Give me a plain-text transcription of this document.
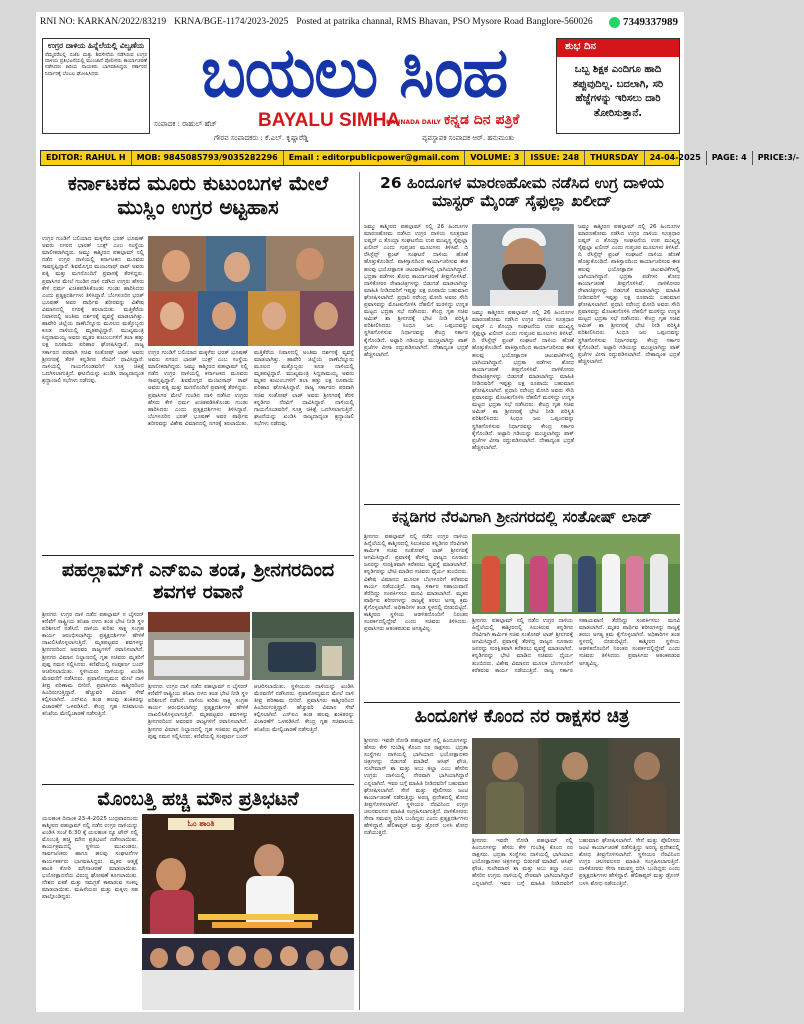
RNI NO: KARKAN/2022/83219 KRNA/BGE-1174/2023-2025 Posted at patrika channal, RMS Bhavan, PSO Mysore Road Banglore-560026	7349337989
ಉಗ್ರರ ದಾಳಿಯ ಹಿನ್ನೆಲೆಯಲ್ಲಿ ವಿಲ್ವಣೆಯ
ರೆಮ್ಮಪರೆಲಲ್ಲಿ ಬಿಜೆಪಿ ಮತ್ತು ಶಿವಸೇನೆಯ ನಡೆಸಿರುವ ಉಗ್ರರ ದಾಳಿಯ ಪ್ರತಿಭಟನೆಯಲ್ಲಿ ಮುಂಜಾನೆ ಪೊಲೀಸರು ಕಾರ್ಯಾಚರಣೆ ನಡೆಸಿದರು ಹಿರಿಯ ನಾಯಕರು ಭಾಗವಹಿಸಿದ್ದರು ಸರ್ಕಾರದ ನಿರ್ಧಾರಕ್ಕೆ ಬೆಂಬಲ ಘೋಷಿಸಿದರು	ಬಯಲು ಸಿಂಹ
BAYALU SIMHA
KANNADA DAILY ಕನ್ನಡ ದಿನ ಪತ್ರಿಕೆ
ಸಂಪಾದಕ : ರಾಹುಲ್ ಹೆಚ್
ಗೌರವ ಸಂಪಾದಕರು : ಕೆ.ಎಲ್. ಕೃಷ್ಣಾರೆಡ್ಡಿ	ವ್ಯವಸ್ಥಾಪಕ ಸಂಪಾದಕ ಆರ್. ಹನುಮಂತು
ಶುಭ ದಿನ
ಒಬ್ಬ ಶಿಕ್ಷಕ ಎಂದಿಗೂ ಹಾದಿ ತಪ್ಪುವುದಿಲ್ಲ. ಬದಲಾಗಿ, ಸರಿ ಹೆಜ್ಜೆಗಳನ್ನು ಇರಿಸಲು ದಾರಿ ತೋರಿಸುತ್ತಾನೆ.
EDITOR: RAHUL H	MOB: 9845085793/9035282296	Email : editorpublicpower@gmail.com	VOLUME: 3	ISSUE: 248	THURSDAY	24-04-2025	PAGE: 4	PRICE:3/-
ಕರ್ನಾಟಕದ ಮೂರು ಕುಟುಂಬಗಳ ಮೇಲೆ ಮುಸ್ಲಿಂ ಉಗ್ರರ ಅಟ್ಟಹಾಸ
ಉಗ್ರರ ಗುಂಡಿಗೆ ಬಲಿಯಾದ ಮಕ್ಕಳೆರು ಭರತ್ ಭೂಷಣ್ ಅವರು ನಗರದ ಭಾರತ್ ಬುಕ್ಸ್ ಎಂಬ ಸಂಸ್ಥೆಯ ಮಾಲೀಕರಾಗಿದ್ದರು. ಜಮ್ಮು ಕಾಶ್ಮೀರದ ಪಹಲ್ಗಾಮ್ ನಲ್ಲಿ ನಡೆದ ಉಗ್ರರ ದಾಳಿಯಲ್ಲಿ ಕರ್ನಾಟಕದ ಮೂವರು ಸಾವನ್ನಪ್ಪಿದ್ದಾರೆ. ಶಿವಮೊಗ್ಗದ ಮಂಜುನಾಥ್ ರಾವ್ ಅವರು ಪತ್ನಿ ಮತ್ತು ಮಗನೊಂದಿಗೆ ಪ್ರವಾಸಕ್ಕೆ ತೆರಳಿದ್ದರು. ಪ್ರವಾಸಿಗರ ಮೇಲೆ ಗುಂಡಿನ ದಾಳಿ ನಡೆಸಿದ ಉಗ್ರರು ಹೆಸರು ಕೇಳಿ ಧರ್ಮ ಖಚಿತಪಡಿಸಿಕೊಂಡು ಗುಂಡು ಹಾರಿಸಿದರು ಎಂದು ಪ್ರತ್ಯಕ್ಷದರ್ಶಿಗಳು ತಿಳಿಸಿದ್ದಾರೆ. ಬೆಂಗಳೂರಿನ ಭರತ್ ಭೂಷಣ್ ಅವರ ಪಾರ್ಥಿವ ಶರೀರವನ್ನು ವಿಶೇಷ ವಿಮಾನದಲ್ಲಿ ನಗರಕ್ಕೆ ತರಲಾಯಿತು. ಮತ್ತಿಕೆರೆಯ ನಿವಾಸದಲ್ಲಿ ಅಂತಿಮ ದರ್ಶನಕ್ಕೆ ವ್ಯವಸ್ಥೆ ಮಾಡಲಾಗಿತ್ತು. ಹಾವೇರಿ ಜಿಲ್ಲೆಯ ರಾಣೆಬೆನ್ನೂರು ಮೂಲದ ಮತ್ತೊಬ್ಬರು ಕೂಡ ದಾಳಿಯಲ್ಲಿ ಮೃತಪಟ್ಟಿದ್ದಾರೆ. ಮುಖ್ಯಮಂತ್ರಿ ಸಿದ್ದರಾಮಯ್ಯ ಅವರು ಮೃತರ ಕುಟುಂಬಗಳಿಗೆ ತಲಾ ಹತ್ತು ಲಕ್ಷ ರೂಪಾಯಿ ಪರಿಹಾರ ಘೋಷಿಸಿದ್ದಾರೆ. ರಾಜ್ಯ ಸರ್ಕಾರದ ಪರವಾಗಿ ಸಚಿವ ಸಂತೋಷ್ ಲಾಡ್ ಅವರು ಶ್ರೀನಗರಕ್ಕೆ ತೆರಳಿ ಕನ್ನಡಿಗರ ನೆರವಿಗೆ ಧಾವಿಸಿದ್ದಾರೆ. ದಾಳಿಯಲ್ಲಿ ಗಾಯಗೊಂಡವರಿಗೆ ಸೂಕ್ತ ಚಿಕಿತ್ಸೆ ಒದಗಿಸಲಾಗುತ್ತಿದೆ. ಘಟನೆಯನ್ನು ಖಂಡಿಸಿ ರಾಜ್ಯದಾದ್ಯಂತ ಶ್ರದ್ಧಾಂಜಲಿ ಸಭೆಗಳು ನಡೆದವು.
ಉಗ್ರರ ಗುಂಡಿಗೆ ಬಲಿಯಾದ ಮಕ್ಕಳೆರು ಭರತ್ ಭೂಷಣ್ ಅವರು ನಗರದ ಭಾರತ್ ಬುಕ್ಸ್ ಎಂಬ ಸಂಸ್ಥೆಯ ಮಾಲೀಕರಾಗಿದ್ದರು. ಜಮ್ಮು ಕಾಶ್ಮೀರದ ಪಹಲ್ಗಾಮ್ ನಲ್ಲಿ ನಡೆದ ಉಗ್ರರ ದಾಳಿಯಲ್ಲಿ ಕರ್ನಾಟಕದ ಮೂವರು ಸಾವನ್ನಪ್ಪಿದ್ದಾರೆ. ಶಿವಮೊಗ್ಗದ ಮಂಜುನಾಥ್ ರಾವ್ ಅವರು ಪತ್ನಿ ಮತ್ತು ಮಗನೊಂದಿಗೆ ಪ್ರವಾಸಕ್ಕೆ ತೆರಳಿದ್ದರು. ಪ್ರವಾಸಿಗರ ಮೇಲೆ ಗುಂಡಿನ ದಾಳಿ ನಡೆಸಿದ ಉಗ್ರರು ಹೆಸರು ಕೇಳಿ ಧರ್ಮ ಖಚಿತಪಡಿಸಿಕೊಂಡು ಗುಂಡು ಹಾರಿಸಿದರು ಎಂದು ಪ್ರತ್ಯಕ್ಷದರ್ಶಿಗಳು ತಿಳಿಸಿದ್ದಾರೆ. ಬೆಂಗಳೂರಿನ ಭರತ್ ಭೂಷಣ್ ಅವರ ಪಾರ್ಥಿವ ಶರೀರವನ್ನು ವಿಶೇಷ ವಿಮಾನದಲ್ಲಿ ನಗರಕ್ಕೆ ತರಲಾಯಿತು. ಮತ್ತಿಕೆರೆಯ ನಿವಾಸದಲ್ಲಿ ಅಂತಿಮ ದರ್ಶನಕ್ಕೆ ವ್ಯವಸ್ಥೆ ಮಾಡಲಾಗಿತ್ತು. ಹಾವೇರಿ ಜಿಲ್ಲೆಯ ರಾಣೆಬೆನ್ನೂರು ಮೂಲದ ಮತ್ತೊಬ್ಬರು ಕೂಡ ದಾಳಿಯಲ್ಲಿ ಮೃತಪಟ್ಟಿದ್ದಾರೆ. ಮುಖ್ಯಮಂತ್ರಿ ಸಿದ್ದರಾಮಯ್ಯ ಅವರು ಮೃತರ ಕುಟುಂಬಗಳಿಗೆ ತಲಾ ಹತ್ತು ಲಕ್ಷ ರೂಪಾಯಿ ಪರಿಹಾರ ಘೋಷಿಸಿದ್ದಾರೆ. ರಾಜ್ಯ ಸರ್ಕಾರದ ಪರವಾಗಿ ಸಚಿವ ಸಂತೋಷ್ ಲಾಡ್ ಅವರು ಶ್ರೀನಗರಕ್ಕೆ ತೆರಳಿ ಕನ್ನಡಿಗರ ನೆರವಿಗೆ ಧಾವಿಸಿದ್ದಾರೆ. ದಾಳಿಯಲ್ಲಿ ಗಾಯಗೊಂಡವರಿಗೆ ಸೂಕ್ತ ಚಿಕಿತ್ಸೆ ಒದಗಿಸಲಾಗುತ್ತಿದೆ. ಘಟನೆಯನ್ನು ಖಂಡಿಸಿ ರಾಜ್ಯದಾದ್ಯಂತ ಶ್ರದ್ಧಾಂಜಲಿ ಸಭೆಗಳು ನಡೆದವು.
26 ಹಿಂದೂಗಳ ಮಾರಣಹೋಮ ನಡೆಸಿದ ಉಗ್ರ ದಾಳಿಯ ಮಾಸ್ಟರ್ ಮೈಂಡ್ ಸೈಫುಲ್ಲಾ ಖಲೀದ್
ಜಮ್ಮು ಕಾಶ್ಮೀರದ ಪಹಲ್ಗಾಮ್ ನಲ್ಲಿ 26 ಹಿಂದೂಗಳ ಮಾರಣಹೋಮ ನಡೆಸಿದ ಉಗ್ರರ ದಾಳಿಯ ಸೂತ್ರಧಾರ ಲಷ್ಕರ್ ಎ ತೊಯ್ಬಾ ಸಂಘಟನೆಯ ಉಪ ಮುಖ್ಯಸ್ಥ ಸೈಫುಲ್ಲಾ ಖಲೀದ್ ಎಂದು ಗುಪ್ತಚರ ಮೂಲಗಳು ತಿಳಿಸಿವೆ. ದಿ ರೆಸಿಸ್ಟೆನ್ಸ್ ಫ್ರಂಟ್ ಸಂಘಟನೆ ದಾಳಿಯ ಹೊಣೆ ಹೊತ್ತುಕೊಂಡಿದೆ. ಪಾಕಿಸ್ತಾನದಿಂದ ಕಾರ್ಯಾಚರಿಸುವ ಈತ ಹಲವು ಭಯೋತ್ಪಾದಕ ಚಟುವಟಿಕೆಗಳಲ್ಲಿ ಭಾಗಿಯಾಗಿದ್ದಾನೆ. ಭದ್ರತಾ ಪಡೆಗಳು ಶೋಧ ಕಾರ್ಯಾಚರಣೆ ತೀವ್ರಗೊಳಿಸಿವೆ. ದಾಳಿಕೋರರ ರೇಖಾಚಿತ್ರಗಳನ್ನು ಬಿಡುಗಡೆ ಮಾಡಲಾಗಿದ್ದು ಮಾಹಿತಿ ನೀಡಿದವರಿಗೆ ಇಪ್ಪತ್ತು ಲಕ್ಷ ರೂಪಾಯಿ ಬಹುಮಾನ ಘೋಷಿಸಲಾಗಿದೆ. ಪ್ರಧಾನಿ ನರೇಂದ್ರ ಮೋದಿ ಅವರು ಸೌದಿ ಪ್ರವಾಸವನ್ನು ಮೊಟಕುಗೊಳಿಸಿ ದೆಹಲಿಗೆ ಮರಳಿದ್ದು ಉನ್ನತ ಮಟ್ಟದ ಭದ್ರತಾ ಸಭೆ ನಡೆಸಿದರು. ಕೇಂದ್ರ ಗೃಹ ಸಚಿವ ಅಮಿತ್ ಶಾ ಶ್ರೀನಗರಕ್ಕೆ ಭೇಟಿ ನೀಡಿ ಪರಿಸ್ಥಿತಿ ಪರಿಶೀಲಿಸಿದರು. ಸಿಂಧೂ ಜಲ ಒಪ್ಪಂದವನ್ನು ಸ್ಥಗಿತಗೊಳಿಸುವ ನಿರ್ಧಾರವನ್ನು ಕೇಂದ್ರ ಸರ್ಕಾರ ಕೈಗೊಂಡಿದೆ. ಅಟ್ಟಾರಿ ಗಡಿಯನ್ನು ಮುಚ್ಚಲಾಗಿದ್ದು ಪಾಕ್ ಪ್ರಜೆಗಳ ವೀಸಾ ರದ್ದುಪಡಿಸಲಾಗಿದೆ. ದೇಶಾದ್ಯಂತ ಭದ್ರತೆ ಹೆಚ್ಚಿಸಲಾಗಿದೆ.
ಜಮ್ಮು ಕಾಶ್ಮೀರದ ಪಹಲ್ಗಾಮ್ ನಲ್ಲಿ 26 ಹಿಂದೂಗಳ ಮಾರಣಹೋಮ ನಡೆಸಿದ ಉಗ್ರರ ದಾಳಿಯ ಸೂತ್ರಧಾರ ಲಷ್ಕರ್ ಎ ತೊಯ್ಬಾ ಸಂಘಟನೆಯ ಉಪ ಮುಖ್ಯಸ್ಥ ಸೈಫುಲ್ಲಾ ಖಲೀದ್ ಎಂದು ಗುಪ್ತಚರ ಮೂಲಗಳು ತಿಳಿಸಿವೆ. ದಿ ರೆಸಿಸ್ಟೆನ್ಸ್ ಫ್ರಂಟ್ ಸಂಘಟನೆ ದಾಳಿಯ ಹೊಣೆ ಹೊತ್ತುಕೊಂಡಿದೆ. ಪಾಕಿಸ್ತಾನದಿಂದ ಕಾರ್ಯಾಚರಿಸುವ ಈತ ಹಲವು ಭಯೋತ್ಪಾದಕ ಚಟುವಟಿಕೆಗಳಲ್ಲಿ ಭಾಗಿಯಾಗಿದ್ದಾನೆ. ಭದ್ರತಾ ಪಡೆಗಳು ಶೋಧ ಕಾರ್ಯಾಚರಣೆ ತೀವ್ರಗೊಳಿಸಿವೆ. ದಾಳಿಕೋರರ ರೇಖಾಚಿತ್ರಗಳನ್ನು ಬಿಡುಗಡೆ ಮಾಡಲಾಗಿದ್ದು ಮಾಹಿತಿ ನೀಡಿದವರಿಗೆ ಇಪ್ಪತ್ತು ಲಕ್ಷ ರೂಪಾಯಿ ಬಹುಮಾನ ಘೋಷಿಸಲಾಗಿದೆ. ಪ್ರಧಾನಿ ನರೇಂದ್ರ ಮೋದಿ ಅವರು ಸೌದಿ ಪ್ರವಾಸವನ್ನು ಮೊಟಕುಗೊಳಿಸಿ ದೆಹಲಿಗೆ ಮರಳಿದ್ದು ಉನ್ನತ ಮಟ್ಟದ ಭದ್ರತಾ ಸಭೆ ನಡೆಸಿದರು. ಕೇಂದ್ರ ಗೃಹ ಸಚಿವ ಅಮಿತ್ ಶಾ ಶ್ರೀನಗರಕ್ಕೆ ಭೇಟಿ ನೀಡಿ ಪರಿಸ್ಥಿತಿ ಪರಿಶೀಲಿಸಿದರು. ಸಿಂಧೂ ಜಲ ಒಪ್ಪಂದವನ್ನು ಸ್ಥಗಿತಗೊಳಿಸುವ ನಿರ್ಧಾರವನ್ನು ಕೇಂದ್ರ ಸರ್ಕಾರ ಕೈಗೊಂಡಿದೆ. ಅಟ್ಟಾರಿ ಗಡಿಯನ್ನು ಮುಚ್ಚಲಾಗಿದ್ದು ಪಾಕ್ ಪ್ರಜೆಗಳ ವೀಸಾ ರದ್ದುಪಡಿಸಲಾಗಿದೆ. ದೇಶಾದ್ಯಂತ ಭದ್ರತೆ ಹೆಚ್ಚಿಸಲಾಗಿದೆ.
ಜಮ್ಮು ಕಾಶ್ಮೀರದ ಪಹಲ್ಗಾಮ್ ನಲ್ಲಿ 26 ಹಿಂದೂಗಳ ಮಾರಣಹೋಮ ನಡೆಸಿದ ಉಗ್ರರ ದಾಳಿಯ ಸೂತ್ರಧಾರ ಲಷ್ಕರ್ ಎ ತೊಯ್ಬಾ ಸಂಘಟನೆಯ ಉಪ ಮುಖ್ಯಸ್ಥ ಸೈಫುಲ್ಲಾ ಖಲೀದ್ ಎಂದು ಗುಪ್ತಚರ ಮೂಲಗಳು ತಿಳಿಸಿವೆ. ದಿ ರೆಸಿಸ್ಟೆನ್ಸ್ ಫ್ರಂಟ್ ಸಂಘಟನೆ ದಾಳಿಯ ಹೊಣೆ ಹೊತ್ತುಕೊಂಡಿದೆ. ಪಾಕಿಸ್ತಾನದಿಂದ ಕಾರ್ಯಾಚರಿಸುವ ಈತ ಹಲವು ಭಯೋತ್ಪಾದಕ ಚಟುವಟಿಕೆಗಳಲ್ಲಿ ಭಾಗಿಯಾಗಿದ್ದಾನೆ. ಭದ್ರತಾ ಪಡೆಗಳು ಶೋಧ ಕಾರ್ಯಾಚರಣೆ ತೀವ್ರಗೊಳಿಸಿವೆ. ದಾಳಿಕೋರರ ರೇಖಾಚಿತ್ರಗಳನ್ನು ಬಿಡುಗಡೆ ಮಾಡಲಾಗಿದ್ದು ಮಾಹಿತಿ ನೀಡಿದವರಿಗೆ ಇಪ್ಪತ್ತು ಲಕ್ಷ ರೂಪಾಯಿ ಬಹುಮಾನ ಘೋಷಿಸಲಾಗಿದೆ. ಪ್ರಧಾನಿ ನರೇಂದ್ರ ಮೋದಿ ಅವರು ಸೌದಿ ಪ್ರವಾಸವನ್ನು ಮೊಟಕುಗೊಳಿಸಿ ದೆಹಲಿಗೆ ಮರಳಿದ್ದು ಉನ್ನತ ಮಟ್ಟದ ಭದ್ರತಾ ಸಭೆ ನಡೆಸಿದರು. ಕೇಂದ್ರ ಗೃಹ ಸಚಿವ ಅಮಿತ್ ಶಾ ಶ್ರೀನಗರಕ್ಕೆ ಭೇಟಿ ನೀಡಿ ಪರಿಸ್ಥಿತಿ ಪರಿಶೀಲಿಸಿದರು. ಸಿಂಧೂ ಜಲ ಒಪ್ಪಂದವನ್ನು ಸ್ಥಗಿತಗೊಳಿಸುವ ನಿರ್ಧಾರವನ್ನು ಕೇಂದ್ರ ಸರ್ಕಾರ ಕೈಗೊಂಡಿದೆ. ಅಟ್ಟಾರಿ ಗಡಿಯನ್ನು ಮುಚ್ಚಲಾಗಿದ್ದು ಪಾಕ್ ಪ್ರಜೆಗಳ ವೀಸಾ ರದ್ದುಪಡಿಸಲಾಗಿದೆ. ದೇಶಾದ್ಯಂತ ಭದ್ರತೆ ಹೆಚ್ಚಿಸಲಾಗಿದೆ.
ಕನ್ನಡಿಗರ ನೆರವಿಗಾಗಿ ಶ್ರೀನಗರದಲ್ಲಿ ಸಂತೋಷ್ ಲಾಡ್
ಶ್ರೀನಗರ: ಪಹಲ್ಗಾಮ್ ನಲ್ಲಿ ನಡೆದ ಉಗ್ರರ ದಾಳಿಯ ಹಿನ್ನೆಲೆಯಲ್ಲಿ ಕಾಶ್ಮೀರದಲ್ಲಿ ಸಿಲುಕಿರುವ ಕನ್ನಡಿಗರ ನೆರವಿಗಾಗಿ ಕಾರ್ಮಿಕ ಸಚಿವ ಸಂತೋಷ್ ಲಾಡ್ ಶ್ರೀನಗರಕ್ಕೆ ಆಗಮಿಸಿದ್ದಾರೆ. ಪ್ರವಾಸಕ್ಕೆ ತೆರಳಿದ್ದ ರಾಜ್ಯದ ನೂರಾರು ಜನರನ್ನು ಸುರಕ್ಷಿತವಾಗಿ ಕರೆತರಲು ವ್ಯವಸ್ಥೆ ಮಾಡಲಾಗಿದೆ. ಕನ್ನಡಿಗರನ್ನು ಭೇಟಿ ಮಾಡಿದ ಸಚಿವರು ಧೈರ್ಯ ತುಂಬಿದರು. ವಿಶೇಷ ವಿಮಾನದ ಮೂಲಕ ಬೆಂಗಳೂರಿಗೆ ಕರೆತರುವ ಕಾರ್ಯ ನಡೆಯುತ್ತಿದೆ. ರಾಜ್ಯ ಸರ್ಕಾರ ಸಹಾಯವಾಣಿ ತೆರೆದಿದ್ದು ಸಂಪರ್ಕಿಸಲು ಮನವಿ ಮಾಡಲಾಗಿದೆ. ಮೃತರ ಪಾರ್ಥಿವ ಶರೀರಗಳನ್ನು ರಾಜ್ಯಕ್ಕೆ ತರಲು ಅಗತ್ಯ ಕ್ರಮ ಕೈಗೊಳ್ಳಲಾಗಿದೆ. ಅಧಿಕಾರಿಗಳ ತಂಡ ಸ್ಥಳದಲ್ಲಿ ಬೀಡುಬಿಟ್ಟಿದೆ. ಕಾಶ್ಮೀರದ ಸ್ಥಳೀಯ ಆಡಳಿತದೊಂದಿಗೆ ನಿರಂತರ ಸಂಪರ್ಕದಲ್ಲಿದ್ದೇವೆ ಎಂದು ಸಚಿವರು ತಿಳಿಸಿದರು. ಪ್ರವಾಸಿಗರು ಆತಂಕಪಡುವ ಅಗತ್ಯವಿಲ್ಲ.
ಶ್ರೀನಗರ: ಪಹಲ್ಗಾಮ್ ನಲ್ಲಿ ನಡೆದ ಉಗ್ರರ ದಾಳಿಯ ಹಿನ್ನೆಲೆಯಲ್ಲಿ ಕಾಶ್ಮೀರದಲ್ಲಿ ಸಿಲುಕಿರುವ ಕನ್ನಡಿಗರ ನೆರವಿಗಾಗಿ ಕಾರ್ಮಿಕ ಸಚಿವ ಸಂತೋಷ್ ಲಾಡ್ ಶ್ರೀನಗರಕ್ಕೆ ಆಗಮಿಸಿದ್ದಾರೆ. ಪ್ರವಾಸಕ್ಕೆ ತೆರಳಿದ್ದ ರಾಜ್ಯದ ನೂರಾರು ಜನರನ್ನು ಸುರಕ್ಷಿತವಾಗಿ ಕರೆತರಲು ವ್ಯವಸ್ಥೆ ಮಾಡಲಾಗಿದೆ. ಕನ್ನಡಿಗರನ್ನು ಭೇಟಿ ಮಾಡಿದ ಸಚಿವರು ಧೈರ್ಯ ತುಂಬಿದರು. ವಿಶೇಷ ವಿಮಾನದ ಮೂಲಕ ಬೆಂಗಳೂರಿಗೆ ಕರೆತರುವ ಕಾರ್ಯ ನಡೆಯುತ್ತಿದೆ. ರಾಜ್ಯ ಸರ್ಕಾರ ಸಹಾಯವಾಣಿ ತೆರೆದಿದ್ದು ಸಂಪರ್ಕಿಸಲು ಮನವಿ ಮಾಡಲಾಗಿದೆ. ಮೃತರ ಪಾರ್ಥಿವ ಶರೀರಗಳನ್ನು ರಾಜ್ಯಕ್ಕೆ ತರಲು ಅಗತ್ಯ ಕ್ರಮ ಕೈಗೊಳ್ಳಲಾಗಿದೆ. ಅಧಿಕಾರಿಗಳ ತಂಡ ಸ್ಥಳದಲ್ಲಿ ಬೀಡುಬಿಟ್ಟಿದೆ. ಕಾಶ್ಮೀರದ ಸ್ಥಳೀಯ ಆಡಳಿತದೊಂದಿಗೆ ನಿರಂತರ ಸಂಪರ್ಕದಲ್ಲಿದ್ದೇವೆ ಎಂದು ಸಚಿವರು ತಿಳಿಸಿದರು. ಪ್ರವಾಸಿಗರು ಆತಂಕಪಡುವ ಅಗತ್ಯವಿಲ್ಲ.
ಪಹಲ್ಗಾಮ್‌ಗೆ ಎನ್‌ಐಎ ತಂಡ, ಶ್ರೀನಗರದಿಂದ ಶವಗಳ ರವಾನೆ
ಶ್ರೀನಗರ: ಉಗ್ರರ ದಾಳಿ ನಡೆದ ಪಹಲ್ಗಾಮ್ ನ ಬೈಸರನ್ ಕಣಿವೆಗೆ ರಾಷ್ಟ್ರೀಯ ತನಿಖಾ ದಳದ ತಂಡ ಭೇಟಿ ನೀಡಿ ಸ್ಥಳ ಪರಿಶೀಲನೆ ನಡೆಸಿದೆ. ದಾಳಿಯ ಕುರಿತು ಸಾಕ್ಷ್ಯ ಸಂಗ್ರಹ ಕಾರ್ಯ ಆರಂಭಿಸಲಾಗಿದ್ದು ಪ್ರತ್ಯಕ್ಷದರ್ಶಿಗಳ ಹೇಳಿಕೆ ದಾಖಲಿಸಿಕೊಳ್ಳಲಾಗುತ್ತಿದೆ. ಮೃತಪಟ್ಟವರ ಶವಗಳನ್ನು ಶ್ರೀನಗರದಿಂದ ಅವರವರ ರಾಜ್ಯಗಳಿಗೆ ರವಾನಿಸಲಾಗಿದೆ. ಶ್ರೀನಗರ ವಿಮಾನ ನಿಲ್ದಾಣದಲ್ಲಿ ಗೃಹ ಸಚಿವರು ಮೃತರಿಗೆ ಪುಷ್ಪ ನಮನ ಸಲ್ಲಿಸಿದರು. ಕಣಿವೆಯಲ್ಲಿ ಸಂಪೂರ್ಣ ಬಂದ್ ಆಚರಿಸಲಾಯಿತು. ಸ್ಥಳೀಯರು ದಾಳಿಯನ್ನು ಖಂಡಿಸಿ ಮೆರವಣಿಗೆ ನಡೆಸಿದರು. ಪ್ರವಾಸೋದ್ಯಮದ ಮೇಲೆ ದಾಳಿ ತೀವ್ರ ಪರಿಣಾಮ ಬೀರಿದೆ. ಪ್ರವಾಸಿಗರು ಕಾಶ್ಮೀರದಿಂದ ಹಿಂದಿರುಗುತ್ತಿದ್ದಾರೆ. ಹೆಚ್ಚುವರಿ ವಿಮಾನ ಸೇವೆ ಕಲ್ಪಿಸಲಾಗಿದೆ. ಎನ್ಐಎ ತಂಡ ಹಲವು ಶಂಕಿತರನ್ನು ವಿಚಾರಣೆಗೆ ಒಳಪಡಿಸಿದೆ. ಕೇಂದ್ರ ಗೃಹ ಸಚಿವಾಲಯ ತನಿಖೆಯ ಮೇಲ್ವಿಚಾರಣೆ ನಡೆಸುತ್ತಿದೆ.
ಶ್ರೀನಗರ: ಉಗ್ರರ ದಾಳಿ ನಡೆದ ಪಹಲ್ಗಾಮ್ ನ ಬೈಸರನ್ ಕಣಿವೆಗೆ ರಾಷ್ಟ್ರೀಯ ತನಿಖಾ ದಳದ ತಂಡ ಭೇಟಿ ನೀಡಿ ಸ್ಥಳ ಪರಿಶೀಲನೆ ನಡೆಸಿದೆ. ದಾಳಿಯ ಕುರಿತು ಸಾಕ್ಷ್ಯ ಸಂಗ್ರಹ ಕಾರ್ಯ ಆರಂಭಿಸಲಾಗಿದ್ದು ಪ್ರತ್ಯಕ್ಷದರ್ಶಿಗಳ ಹೇಳಿಕೆ ದಾಖಲಿಸಿಕೊಳ್ಳಲಾಗುತ್ತಿದೆ. ಮೃತಪಟ್ಟವರ ಶವಗಳನ್ನು ಶ್ರೀನಗರದಿಂದ ಅವರವರ ರಾಜ್ಯಗಳಿಗೆ ರವಾನಿಸಲಾಗಿದೆ. ಶ್ರೀನಗರ ವಿಮಾನ ನಿಲ್ದಾಣದಲ್ಲಿ ಗೃಹ ಸಚಿವರು ಮೃತರಿಗೆ ಪುಷ್ಪ ನಮನ ಸಲ್ಲಿಸಿದರು. ಕಣಿವೆಯಲ್ಲಿ ಸಂಪೂರ್ಣ ಬಂದ್ ಆಚರಿಸಲಾಯಿತು. ಸ್ಥಳೀಯರು ದಾಳಿಯನ್ನು ಖಂಡಿಸಿ ಮೆರವಣಿಗೆ ನಡೆಸಿದರು. ಪ್ರವಾಸೋದ್ಯಮದ ಮೇಲೆ ದಾಳಿ ತೀವ್ರ ಪರಿಣಾಮ ಬೀರಿದೆ. ಪ್ರವಾಸಿಗರು ಕಾಶ್ಮೀರದಿಂದ ಹಿಂದಿರುಗುತ್ತಿದ್ದಾರೆ. ಹೆಚ್ಚುವರಿ ವಿಮಾನ ಸೇವೆ ಕಲ್ಪಿಸಲಾಗಿದೆ. ಎನ್ಐಎ ತಂಡ ಹಲವು ಶಂಕಿತರನ್ನು ವಿಚಾರಣೆಗೆ ಒಳಪಡಿಸಿದೆ. ಕೇಂದ್ರ ಗೃಹ ಸಚಿವಾಲಯ ತನಿಖೆಯ ಮೇಲ್ವಿಚಾರಣೆ ನಡೆಸುತ್ತಿದೆ.
ಮೊಂಬತ್ತಿ ಹಚ್ಚಿ ಮೌನ ಪ್ರತಿಭಟನೆ
ಯಲಹಂಕ ದಿನಾಂಕ 23-4-2025 ಬುಧವಾರದಂದು ಕಾಶ್ಮೀರದ ಪಹಲ್ಗಾಮ್ ನಲ್ಲಿ ನಡೆದ ಉಗ್ರರ ದಾಳಿಯನ್ನು ಖಂಡಿಸಿ ಸಂಜೆ 6:30 ಕ್ಕೆ ಯಲಹಂಕ ನ್ಯೂ ಟೌನ್ ನಲ್ಲಿ ಮೊಂಬತ್ತಿ ಹಚ್ಚಿ ಮೌನ ಪ್ರತಿಭಟನೆ ನಡೆಸಲಾಯಿತು. ಕಾರ್ಯಕ್ರಮದಲ್ಲಿ ಸ್ಥಳೀಯ ಮುಖಂಡರು, ಸಾರ್ವಜನಿಕರು ಹಾಗೂ ಹಲವು ಸಂಘಟನೆಗಳ ಕಾರ್ಯಕರ್ತರು ಭಾಗವಹಿಸಿದ್ದರು. ಮೃತರ ಆತ್ಮಕ್ಕೆ ಶಾಂತಿ ಕೋರಿ ಮೌನಾಚರಣೆ ಮಾಡಲಾಯಿತು. ಭಯೋತ್ಪಾದನೆಯ ವಿರುದ್ಧ ಘೋಷಣೆ ಕೂಗಲಾಯಿತು. ದೇಶದ ಏಕತೆ ಮತ್ತು ಸಮಗ್ರತೆ ಕಾಪಾಡುವ ಸಂಕಲ್ಪ ಮಾಡಲಾಯಿತು. ಮಹಿಳೆಯರು ಮತ್ತು ಮಕ್ಕಳು ಸಹ ಪಾಲ್ಗೊಂಡಿದ್ದರು.
ಓಂ ಶಾಂತಿ
ಹಿಂದೂಗಳ ಕೊಂದ ನರ ರಾಕ್ಷಸರ ಚಿತ್ರ
ಶ್ರೀನಗರ: ಇವರೇ ನೋಡಿ ಪಹಲ್ಗಾಮ್ ನಲ್ಲಿ ಹಿಂದೂಗಳನ್ನು ಹೆಸರು ಕೇಳಿ ಗುಂಡಿಕ್ಕಿ ಕೊಂದ ನರ ರಾಕ್ಷಸರು. ಭದ್ರತಾ ಸಂಸ್ಥೆಗಳು ದಾಳಿಯಲ್ಲಿ ಭಾಗಿಯಾದ ಭಯೋತ್ಪಾದಕರ ಚಿತ್ರಗಳನ್ನು ಬಿಡುಗಡೆ ಮಾಡಿವೆ. ಆಸಿಫ್ ಫೌಜಿ, ಸುಲೇಮಾನ್ ಶಾ ಮತ್ತು ಅಬು ತಲ್ಹಾ ಎಂಬ ಹೆಸರಿನ ಉಗ್ರರು ದಾಳಿಯಲ್ಲಿ ನೇರವಾಗಿ ಭಾಗಿಯಾಗಿದ್ದಾರೆ ಎನ್ನಲಾಗಿದೆ. ಇವರ ಬಗ್ಗೆ ಮಾಹಿತಿ ನೀಡಿದವರಿಗೆ ಬಹುಮಾನ ಘೋಷಿಸಲಾಗಿದೆ. ಸೇನೆ ಮತ್ತು ಪೊಲೀಸರು ಜಂಟಿ ಕಾರ್ಯಾಚರಣೆ ನಡೆಸುತ್ತಿದ್ದು ಅರಣ್ಯ ಪ್ರದೇಶದಲ್ಲಿ ಶೋಧ ತೀವ್ರಗೊಳಿಸಲಾಗಿದೆ. ಸ್ಥಳೀಯರ ನೆರವಿನಿಂದ ಉಗ್ರರ ಚಲನವಲನದ ಮಾಹಿತಿ ಸಂಗ್ರಹಿಸಲಾಗುತ್ತಿದೆ. ದಾಳಿಕೋರರು ಸೇನಾ ಸಮವಸ್ತ್ರ ಧರಿಸಿ ಬಂದಿದ್ದರು ಎಂದು ಪ್ರತ್ಯಕ್ಷದರ್ಶಿಗಳು ಹೇಳಿದ್ದಾರೆ. ಹೆಲಿಕಾಪ್ಟರ್ ಮತ್ತು ಡ್ರೋನ್ ಬಳಸಿ ಶೋಧ ನಡೆಯುತ್ತಿದೆ.
ಶ್ರೀನಗರ: ಇವರೇ ನೋಡಿ ಪಹಲ್ಗಾಮ್ ನಲ್ಲಿ ಹಿಂದೂಗಳನ್ನು ಹೆಸರು ಕೇಳಿ ಗುಂಡಿಕ್ಕಿ ಕೊಂದ ನರ ರಾಕ್ಷಸರು. ಭದ್ರತಾ ಸಂಸ್ಥೆಗಳು ದಾಳಿಯಲ್ಲಿ ಭಾಗಿಯಾದ ಭಯೋತ್ಪಾದಕರ ಚಿತ್ರಗಳನ್ನು ಬಿಡುಗಡೆ ಮಾಡಿವೆ. ಆಸಿಫ್ ಫೌಜಿ, ಸುಲೇಮಾನ್ ಶಾ ಮತ್ತು ಅಬು ತಲ್ಹಾ ಎಂಬ ಹೆಸರಿನ ಉಗ್ರರು ದಾಳಿಯಲ್ಲಿ ನೇರವಾಗಿ ಭಾಗಿಯಾಗಿದ್ದಾರೆ ಎನ್ನಲಾಗಿದೆ. ಇವರ ಬಗ್ಗೆ ಮಾಹಿತಿ ನೀಡಿದವರಿಗೆ ಬಹುಮಾನ ಘೋಷಿಸಲಾಗಿದೆ. ಸೇನೆ ಮತ್ತು ಪೊಲೀಸರು ಜಂಟಿ ಕಾರ್ಯಾಚರಣೆ ನಡೆಸುತ್ತಿದ್ದು ಅರಣ್ಯ ಪ್ರದೇಶದಲ್ಲಿ ಶೋಧ ತೀವ್ರಗೊಳಿಸಲಾಗಿದೆ. ಸ್ಥಳೀಯರ ನೆರವಿನಿಂದ ಉಗ್ರರ ಚಲನವಲನದ ಮಾಹಿತಿ ಸಂಗ್ರಹಿಸಲಾಗುತ್ತಿದೆ. ದಾಳಿಕೋರರು ಸೇನಾ ಸಮವಸ್ತ್ರ ಧರಿಸಿ ಬಂದಿದ್ದರು ಎಂದು ಪ್ರತ್ಯಕ್ಷದರ್ಶಿಗಳು ಹೇಳಿದ್ದಾರೆ. ಹೆಲಿಕಾಪ್ಟರ್ ಮತ್ತು ಡ್ರೋನ್ ಬಳಸಿ ಶೋಧ ನಡೆಯುತ್ತಿದೆ.
